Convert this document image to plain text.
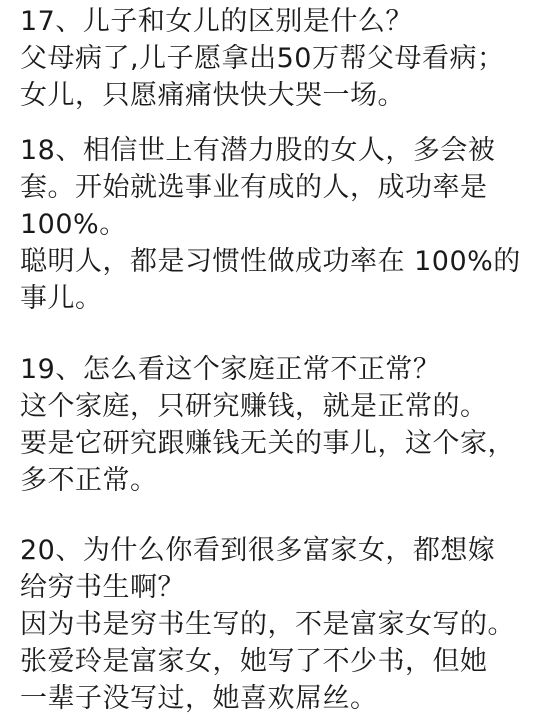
17、儿子和女儿的区别是什么？
父母病了,儿子愿拿出50万帮父母看病；
女儿，只愿痛痛快快大哭一场。
18、相信世上有潜力股的女人，多会被
套。开始就选事业有成的人，成功率是
100%。
聪明人，都是习惯性做成功率在 100%的
事儿。
19、怎么看这个家庭正常不正常？
这个家庭，只研究赚钱，就是正常的。
要是它研究跟赚钱无关的事儿，这个家，
多不正常。
20、为什么你看到很多富家女，都想嫁
给穷书生啊？
因为书是穷书生写的，不是富家女写的。
张爱玲是富家女，她写了不少书，但她
一辈子没写过，她喜欢屌丝。
